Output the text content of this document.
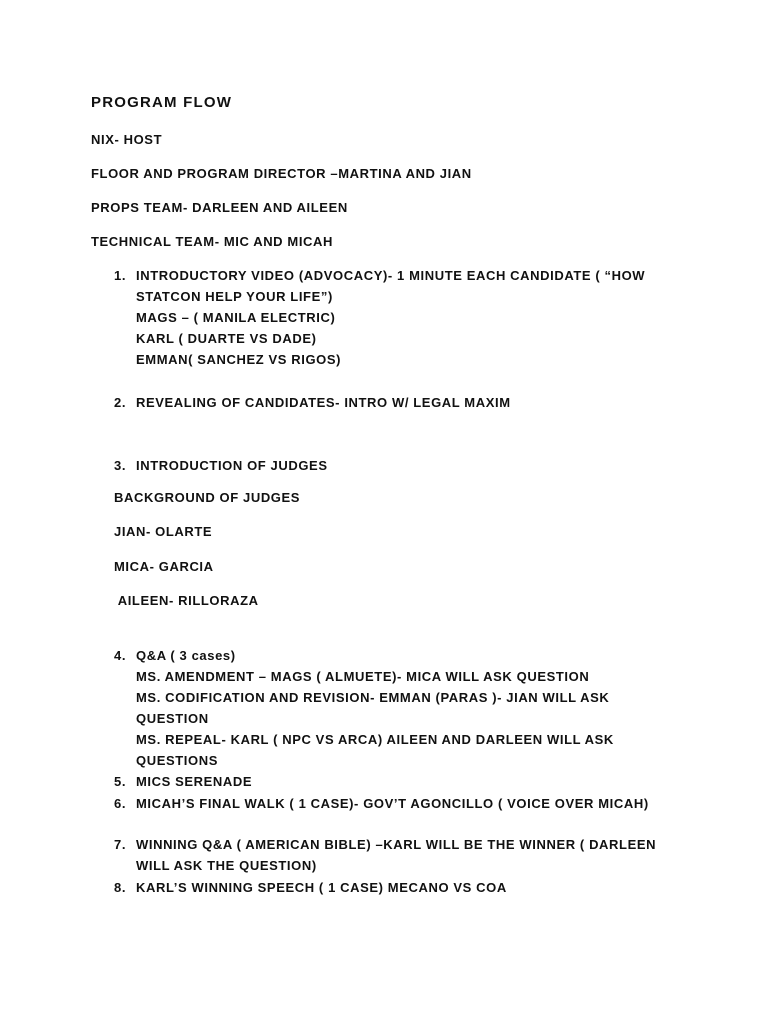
PROGRAM FLOW
NIX- HOST
FLOOR AND PROGRAM DIRECTOR –MARTINA AND JIAN
PROPS TEAM- DARLEEN AND AILEEN
TECHNICAL TEAM- MIC AND MICAH
1. INTRODUCTORY VIDEO (ADVOCACY)- 1 MINUTE EACH CANDIDATE ( “HOW
STATCON HELP YOUR LIFE”)
MAGS – ( MANILA ELECTRIC)
KARL ( DUARTE VS DADE)
EMMAN( SANCHEZ VS RIGOS)
2. REVEALING OF CANDIDATES- INTRO W/ LEGAL MAXIM
3. INTRODUCTION OF JUDGES
BACKGROUND OF JUDGES
JIAN- OLARTE
MICA- GARCIA
AILEEN- RILLORAZA
4. Q&A ( 3 cases)
MS. AMENDMENT – MAGS ( ALMUETE)- MICA WILL ASK QUESTION
MS. CODIFICATION AND REVISION- EMMAN (PARAS )- JIAN WILL ASK
QUESTION
MS. REPEAL- KARL ( NPC VS ARCA) AILEEN AND DARLEEN WILL ASK
QUESTIONS
5. MICS SERENADE
6. MICAH’S FINAL WALK ( 1 CASE)- GOV’T AGONCILLO ( VOICE OVER MICAH)
7. WINNING Q&A ( AMERICAN BIBLE) –KARL WILL BE THE WINNER ( DARLEEN
WILL ASK THE QUESTION)
8. KARL’S WINNING SPEECH ( 1 CASE) MECANO VS COA
